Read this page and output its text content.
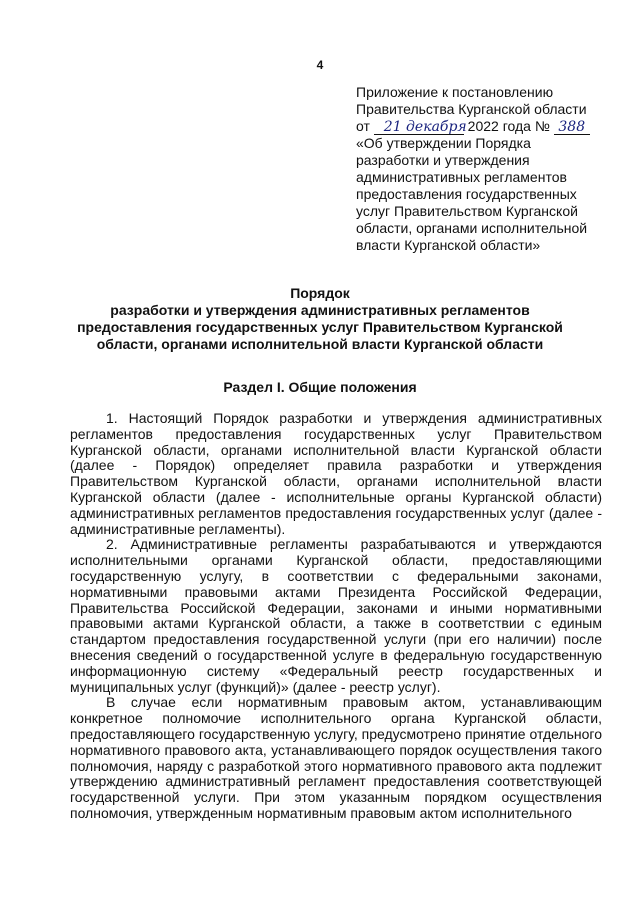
4
Приложение к постановлению
Правительства Курганской области
от 21 декабря 2022 года № 388
«Об утверждении Порядка
разработки и утверждения
административных регламентов
предоставления государственных
услуг Правительством Курганской
области, органами исполнительной
власти Курганской области»
Порядок
разработки и утверждения административных регламентов
предоставления государственных услуг Правительством Курганской
области, органами исполнительной власти Курганской области
Раздел I. Общие положения

1. Настоящий Порядок разработки и утверждения административных регламентов предоставления государственных услуг Правительством Курганской области, органами исполнительной власти Курганской области (далее - Порядок) определяет правила разработки и утверждения Правительством Курганской области, органами исполнительной власти Курганской области (далее - исполнительные органы Курганской области) административных регламентов предоставления государственных услуг (далее - административные регламенты).

2. Административные регламенты разрабатываются и утверждаются исполнительными органами Курганской области, предоставляющими государственную услугу, в соответствии с федеральными законами, нормативными правовыми актами Президента Российской Федерации, Правительства Российской Федерации, законами и иными нормативными правовыми актами Курганской области, а также в соответствии с единым стандартом предоставления государственной услуги (при его наличии) после внесения сведений о государственной услуге в федеральную государственную информационную систему «Федеральный реестр государственных и муниципальных услуг (функций)» (далее - реестр услуг).

В случае если нормативным правовым актом, устанавливающим конкретное полномочие исполнительного органа Курганской области, предоставляющего государственную услугу, предусмотрено принятие отдельного нормативного правового акта, устанавливающего порядок осуществления такого полномочия, наряду с разработкой этого нормативного правового акта подлежит утверждению административный регламент предоставления соответствующей государственной услуги. При этом указанным порядком осуществления полномочия, утвержденным нормативным правовым актом исполнительного
